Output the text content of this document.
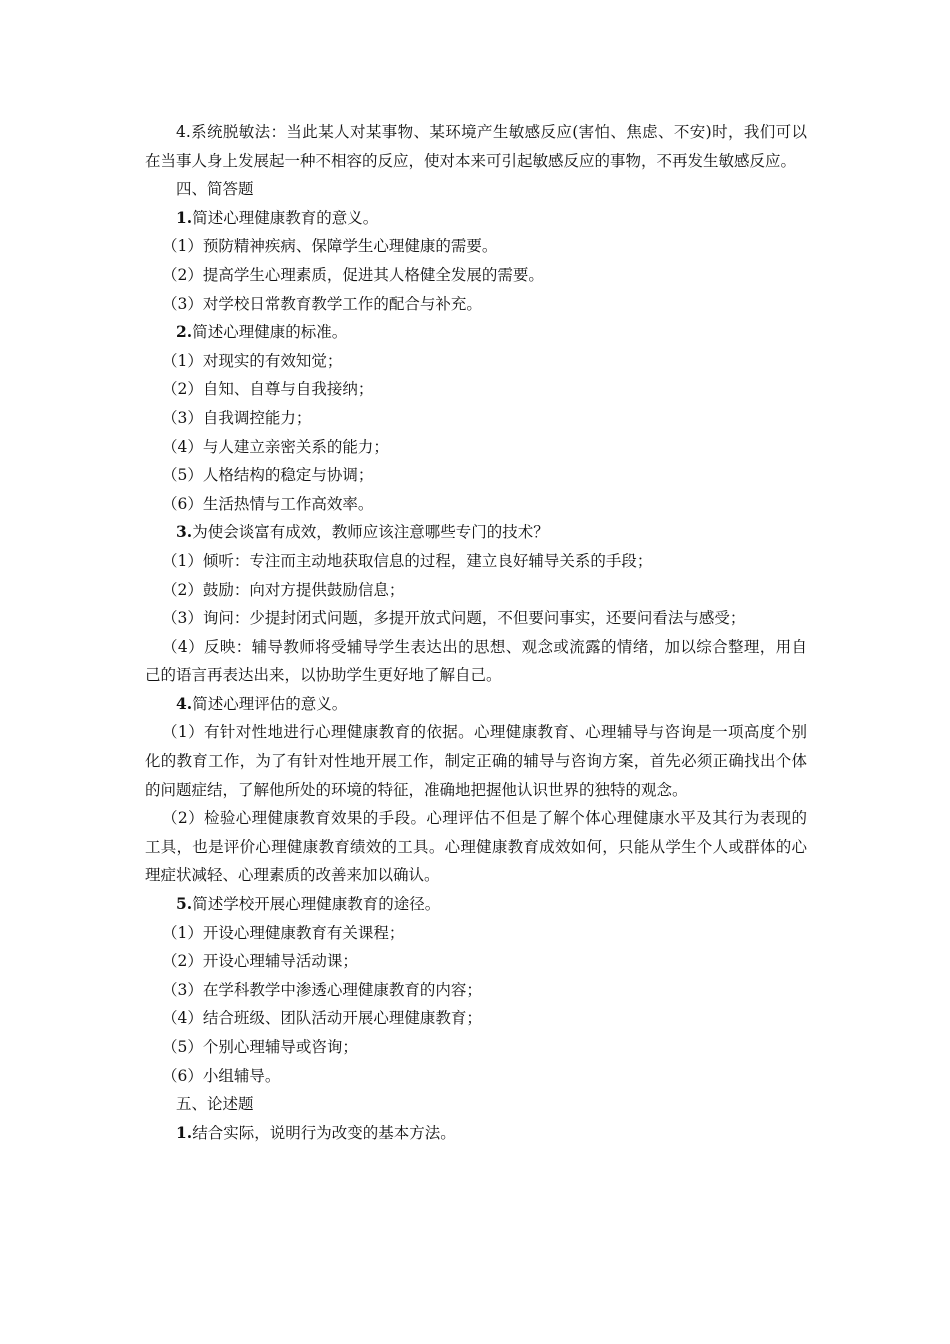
4.系统脱敏法：当此某人对某事物、某环境产生敏感反应(害怕、焦虑、不安)时，我们可以在当事人身上发展起一种不相容的反应，使对本来可引起敏感反应的事物，不再发生敏感反应。

四、简答题

1.简述心理健康教育的意义。

（1）预防精神疾病、保障学生心理健康的需要。

（2）提高学生心理素质，促进其人格健全发展的需要。

（3）对学校日常教育教学工作的配合与补充。

2.简述心理健康的标准。

（1）对现实的有效知觉；

（2）自知、自尊与自我接纳；

（3）自我调控能力；

（4）与人建立亲密关系的能力；

（5）人格结构的稳定与协调；

（6）生活热情与工作高效率。

3.为使会谈富有成效，教师应该注意哪些专门的技术？

（1）倾听：专注而主动地获取信息的过程，建立良好辅导关系的手段；

（2）鼓励：向对方提供鼓励信息；

（3）询问：少提封闭式问题，多提开放式问题，不但要问事实，还要问看法与感受；

（4）反映：辅导教师将受辅导学生表达出的思想、观念或流露的情绪，加以综合整理，用自己的语言再表达出来，以协助学生更好地了解自己。

4.简述心理评估的意义。

（1）有针对性地进行心理健康教育的依据。心理健康教育、心理辅导与咨询是一项高度个别化的教育工作，为了有针对性地开展工作，制定正确的辅导与咨询方案，首先必须正确找出个体的问题症结，了解他所处的环境的特征，准确地把握他认识世界的独特的观念。

（2）检验心理健康教育效果的手段。心理评估不但是了解个体心理健康水平及其行为表现的工具，也是评价心理健康教育绩效的工具。心理健康教育成效如何，只能从学生个人或群体的心理症状减轻、心理素质的改善来加以确认。

5.简述学校开展心理健康教育的途径。

（1）开设心理健康教育有关课程；

（2）开设心理辅导活动课；

（3）在学科教学中渗透心理健康教育的内容；

（4）结合班级、团队活动开展心理健康教育；

（5）个别心理辅导或咨询；

（6）小组辅导。

五、论述题

1.结合实际，说明行为改变的基本方法。
